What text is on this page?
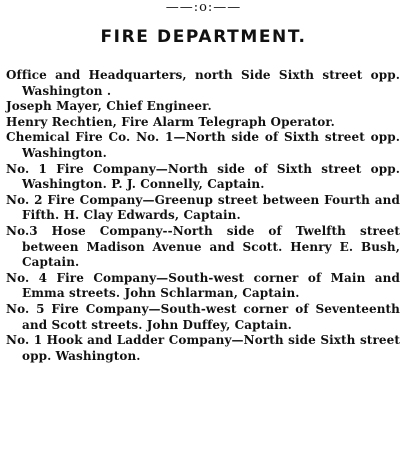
——:o:——
FIRE DEPARTMENT.

Office and Headquarters, north Side Sixth street opp. Washington .

Joseph Mayer, Chief Engineer.

Henry Rechtien, Fire Alarm Telegraph Operator.

Chemical Fire Co. No. 1—North side of Sixth street opp. Washington.

No. 1 Fire Company—North side of Sixth street opp. Washington. P. J. Connelly, Captain.

No. 2 Fire Company—Greenup street between Fourth and Fifth. H. Clay Edwards, Captain.

No.3 Hose Company--North side of Twelfth street between Madison Avenue and Scott. Henry E. Bush, Captain.

No. 4 Fire Company—South-west corner of Main and Emma streets. John Schlarman, Captain.

No. 5 Fire Company—South-west corner of Seventeenth and Scott streets. John Duffey, Captain.

No. 1 Hook and Ladder Company—North side Sixth street opp. Washington.
